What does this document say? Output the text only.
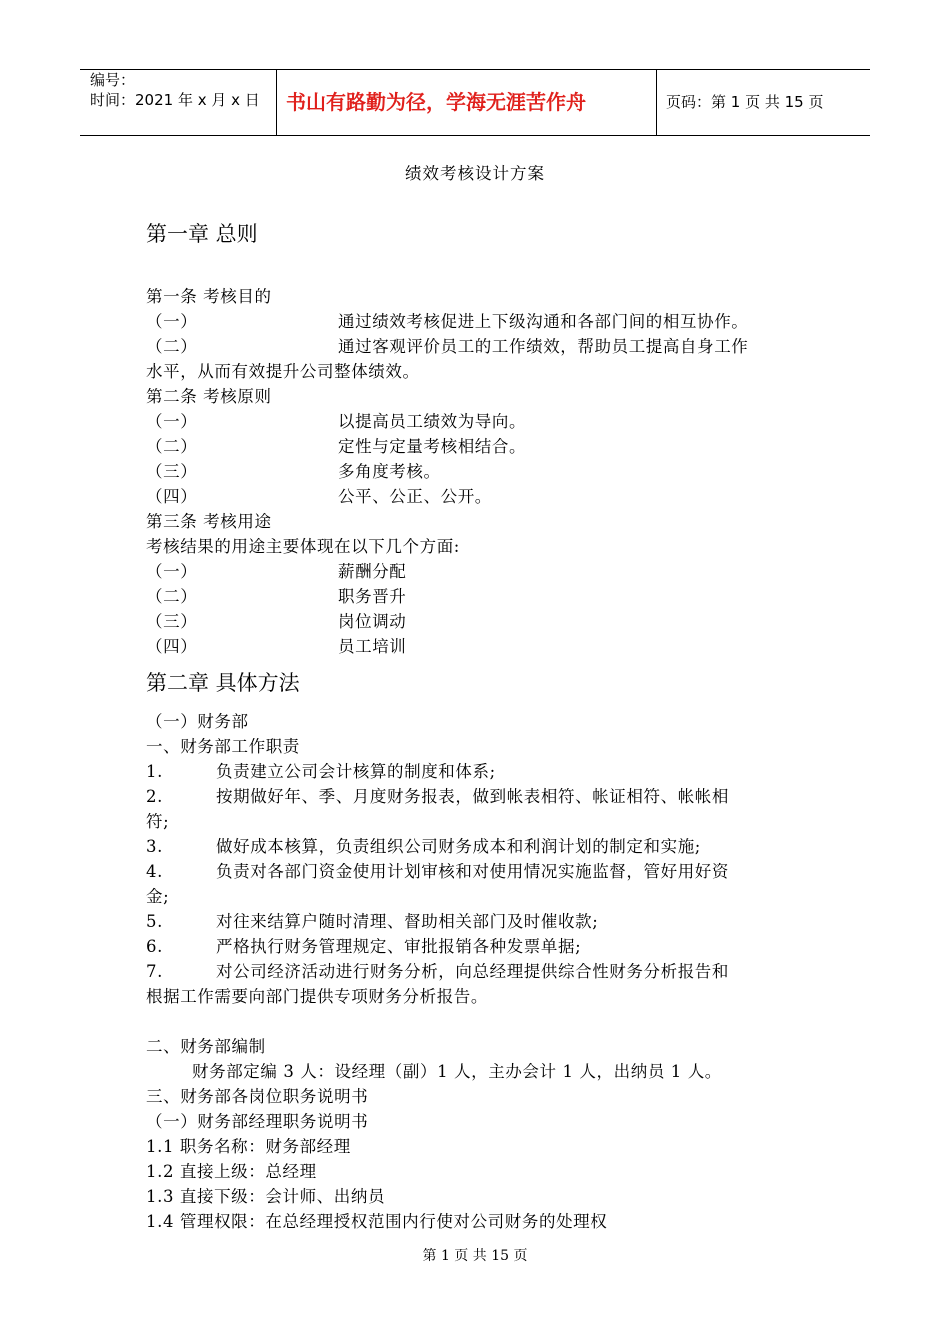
编号：
时间：2021 年 x 月 x 日 书山有路勤为径，学海无涯苦作舟	页码：第 1 页 共 15 页
绩效考核设计方案
第一章 总则
第一条 考核目的
（一）	通过绩效考核促进上下级沟通和各部门间的相互协作。
（二）	通过客观评价员工的工作绩效，帮助员工提高自身工作
水平，从而有效提升公司整体绩效。
第二条 考核原则
（一）	以提高员工绩效为导向。
（二）	定性与定量考核相结合。
（三）	多角度考核。
（四）	公平、公正、公开。
第三条 考核用途
考核结果的用途主要体现在以下几个方面:
（一）	薪酬分配
（二）	职务晋升
（三）	岗位调动
（四）	员工培训
第二章 具体方法
（一）财务部
一、财务部工作职责
1.	负责建立公司会计核算的制度和体系;
2.	按期做好年、季、月度财务报表，做到帐表相符、帐证相符、帐帐相
符;
3.	做好成本核算，负责组织公司财务成本和利润计划的制定和实施;
4.	负责对各部门资金使用计划审核和对使用情况实施监督，管好用好资
金;
5.	对往来结算户随时清理、督助相关部门及时催收款;
6.	严格执行财务管理规定、审批报销各种发票单据;
7.	对公司经济活动进行财务分析，向总经理提供综合性财务分析报告和
根据工作需要向部门提供专项财务分析报告。
二、财务部编制
财务部定编 3 人：设经理（副）1 人，主办会计 1 人，出纳员 1 人。
三、财务部各岗位职务说明书
（一）财务部经理职务说明书
1.1 职务名称：财务部经理
1.2 直接上级：总经理
1.3 直接下级：会计师、出纳员
1.4 管理权限：在总经理授权范围内行使对公司财务的处理权
第 1 页 共 15 页
